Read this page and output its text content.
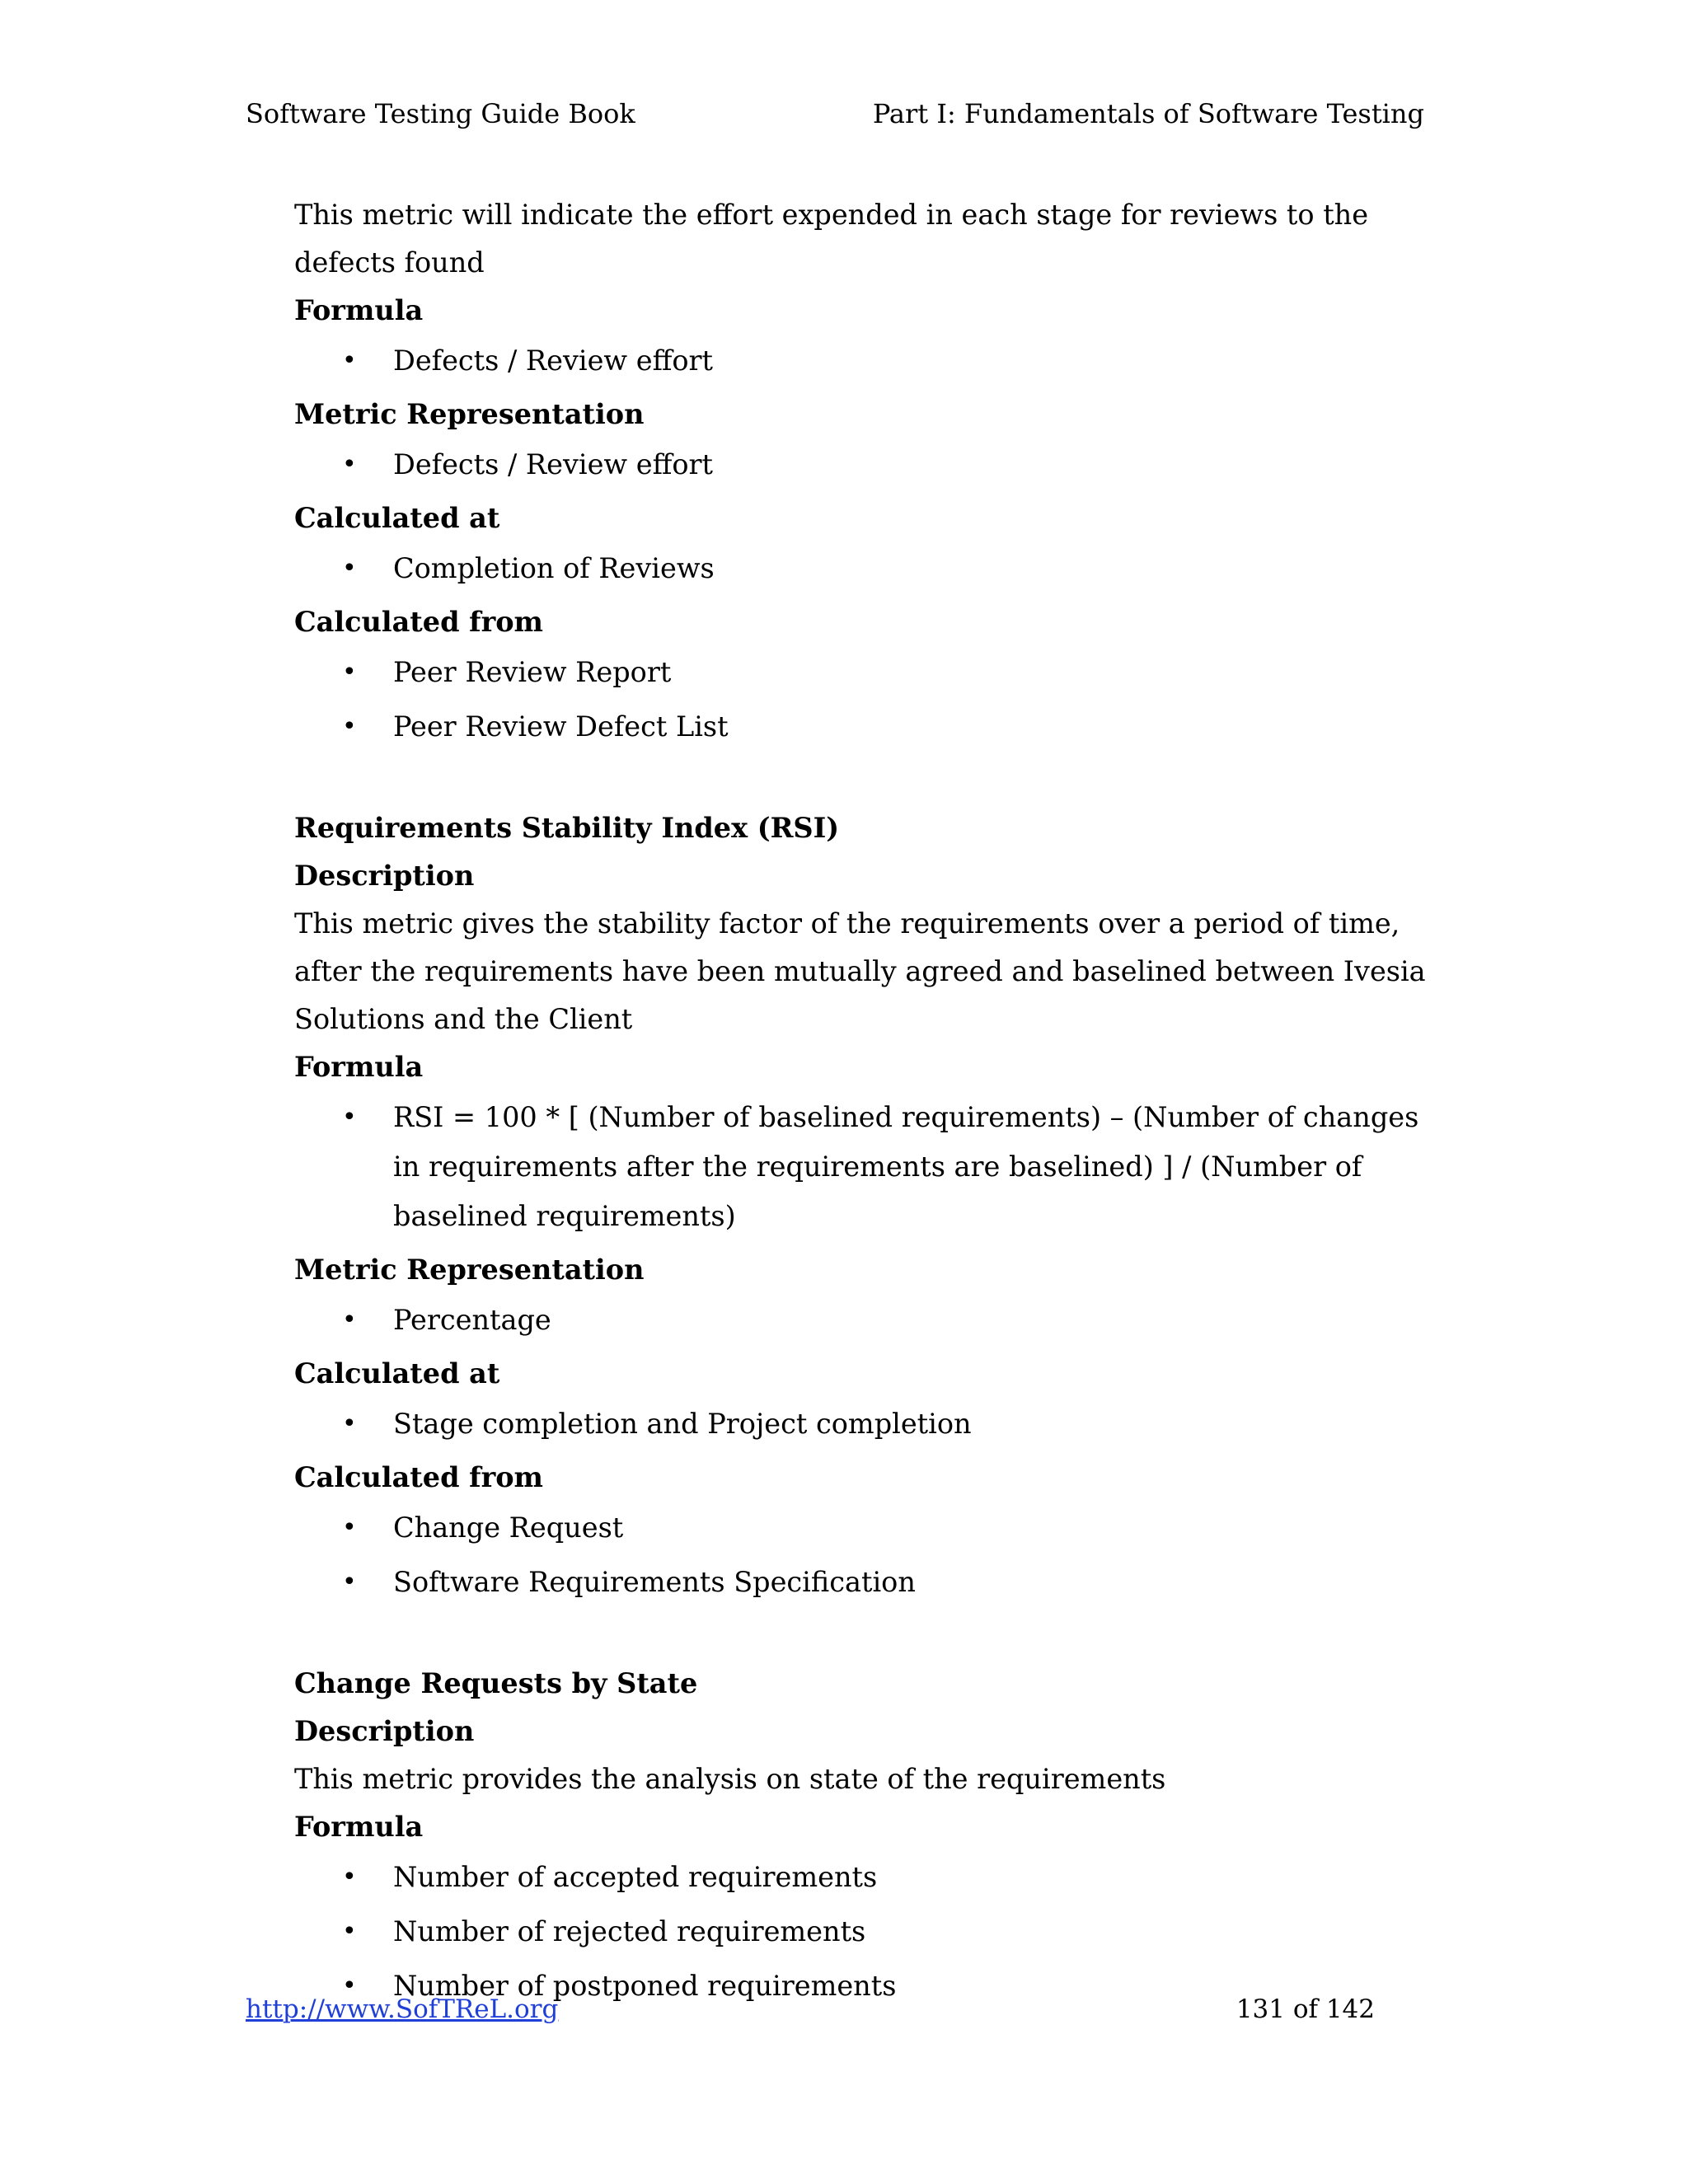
Software Testing Guide Book	Part I: Fundamentals of Software Testing

This metric will indicate the effort expended in each stage for reviews to the defects found

Formula

• Defects / Review effort

Metric Representation

• Defects / Review effort

Calculated at

• Completion of Reviews

Calculated from

• Peer Review Report
• Peer Review Defect List

Requirements Stability Index (RSI)

Description

This metric gives the stability factor of the requirements over a period of time, after the requirements have been mutually agreed and baselined between Ivesia Solutions and the Client

Formula

• RSI = 100 * [ (Number of baselined requirements) – (Number of changes in requirements after the requirements are baselined) ] / (Number of baselined requirements)

Metric Representation

• Percentage

Calculated at

• Stage completion and Project completion

Calculated from

• Change Request
• Software Requirements Specification

Change Requests by State

Description

This metric provides the analysis on state of the requirements

Formula

• Number of accepted requirements
• Number of rejected requirements
• Number of postponed requirements
http://www.SofTReL.org	131 of 142
